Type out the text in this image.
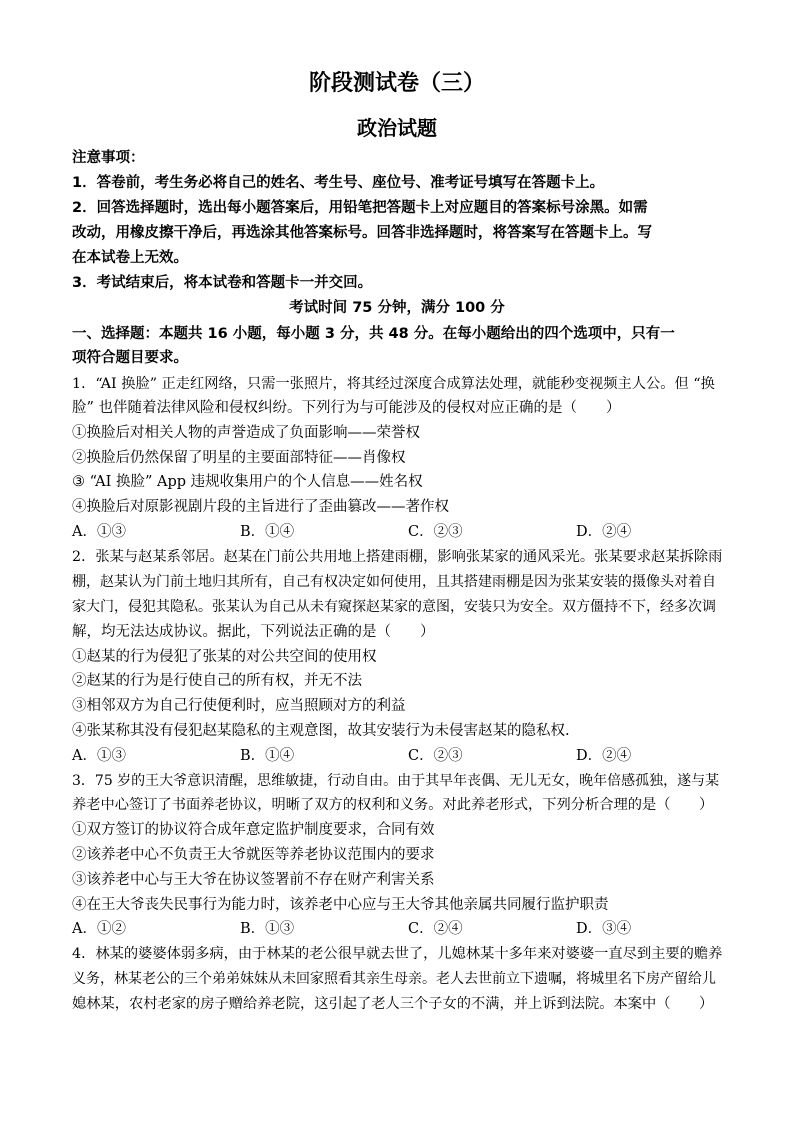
阶段测试卷（三）
政治试题
注意事项：
1．答卷前，考生务必将自己的姓名、考生号、座位号、准考证号填写在答题卡上。
2．回答选择题时，选出每小题答案后，用铅笔把答题卡上对应题目的答案标号涂黑。如需
改动，用橡皮擦干净后，再选涂其他答案标号。回答非选择题时，将答案写在答题卡上。写
在本试卷上无效。
3．考试结束后，将本试卷和答题卡一并交回。
考试时间 75 分钟，满分 100 分
一、选择题：本题共 16 小题，每小题 3 分，共 48 分。在每小题给出的四个选项中，只有一
项符合题目要求。
1．“AI 换脸” 正走红网络，只需一张照片，将其经过深度合成算法处理，就能秒变视频主人公。但 “换
脸” 也伴随着法律风险和侵权纠纷。下列行为与可能涉及的侵权对应正确的是（　　）
①换脸后对相关人物的声誉造成了负面影响——荣誉权
②换脸后仍然保留了明星的主要面部特征——肖像权
③ “AI 换脸” App 违规收集用户的个人信息——姓名权
④换脸后对原影视剧片段的主旨进行了歪曲篡改——著作权
A．①③	B．①④	C．②③	D．②④
2．张某与赵某系邻居。赵某在门前公共用地上搭建雨棚，影响张某家的通风采光。张某要求赵某拆除雨
棚，赵某认为门前土地归其所有，自己有权决定如何使用，且其搭建雨棚是因为张某安装的摄像头对着自
家大门，侵犯其隐私。张某认为自己从未有窥探赵某家的意图，安装只为安全。双方僵持不下，经多次调
解，均无法达成协议。据此，下列说法正确的是（　　）
①赵某的行为侵犯了张某的对公共空间的使用权
②赵某的行为是行使自己的所有权，并无不法
③相邻双方为自己行使便利时，应当照顾对方的利益
④张某称其没有侵犯赵某隐私的主观意图，故其安装行为未侵害赵某的隐私权.
A．①③	B．①④	C．②③	D．②④
3．75 岁的王大爷意识清醒，思维敏捷，行动自由。由于其早年丧偶、无儿无女，晚年倍感孤独，遂与某
养老中心签订了书面养老协议，明晰了双方的权利和义务。对此养老形式，下列分析合理的是（　　）
①双方签订的协议符合成年意定监护制度要求，合同有效
②该养老中心不负责王大爷就医等养老协议范围内的要求
③该养老中心与王大爷在协议签署前不存在财产利害关系
④在王大爷丧失民事行为能力时，该养老中心应与王大爷其他亲属共同履行监护职责
A．①②	B．①③	C．②④	D．③④
4．林某的婆婆体弱多病，由于林某的老公很早就去世了，儿媳林某十多年来对婆婆一直尽到主要的赡养
义务，林某老公的三个弟弟妹妹从未回家照看其亲生母亲。老人去世前立下遗嘱，将城里名下房产留给儿
媳林某，农村老家的房子赠给养老院，这引起了老人三个子女的不满，并上诉到法院。本案中（　　）
